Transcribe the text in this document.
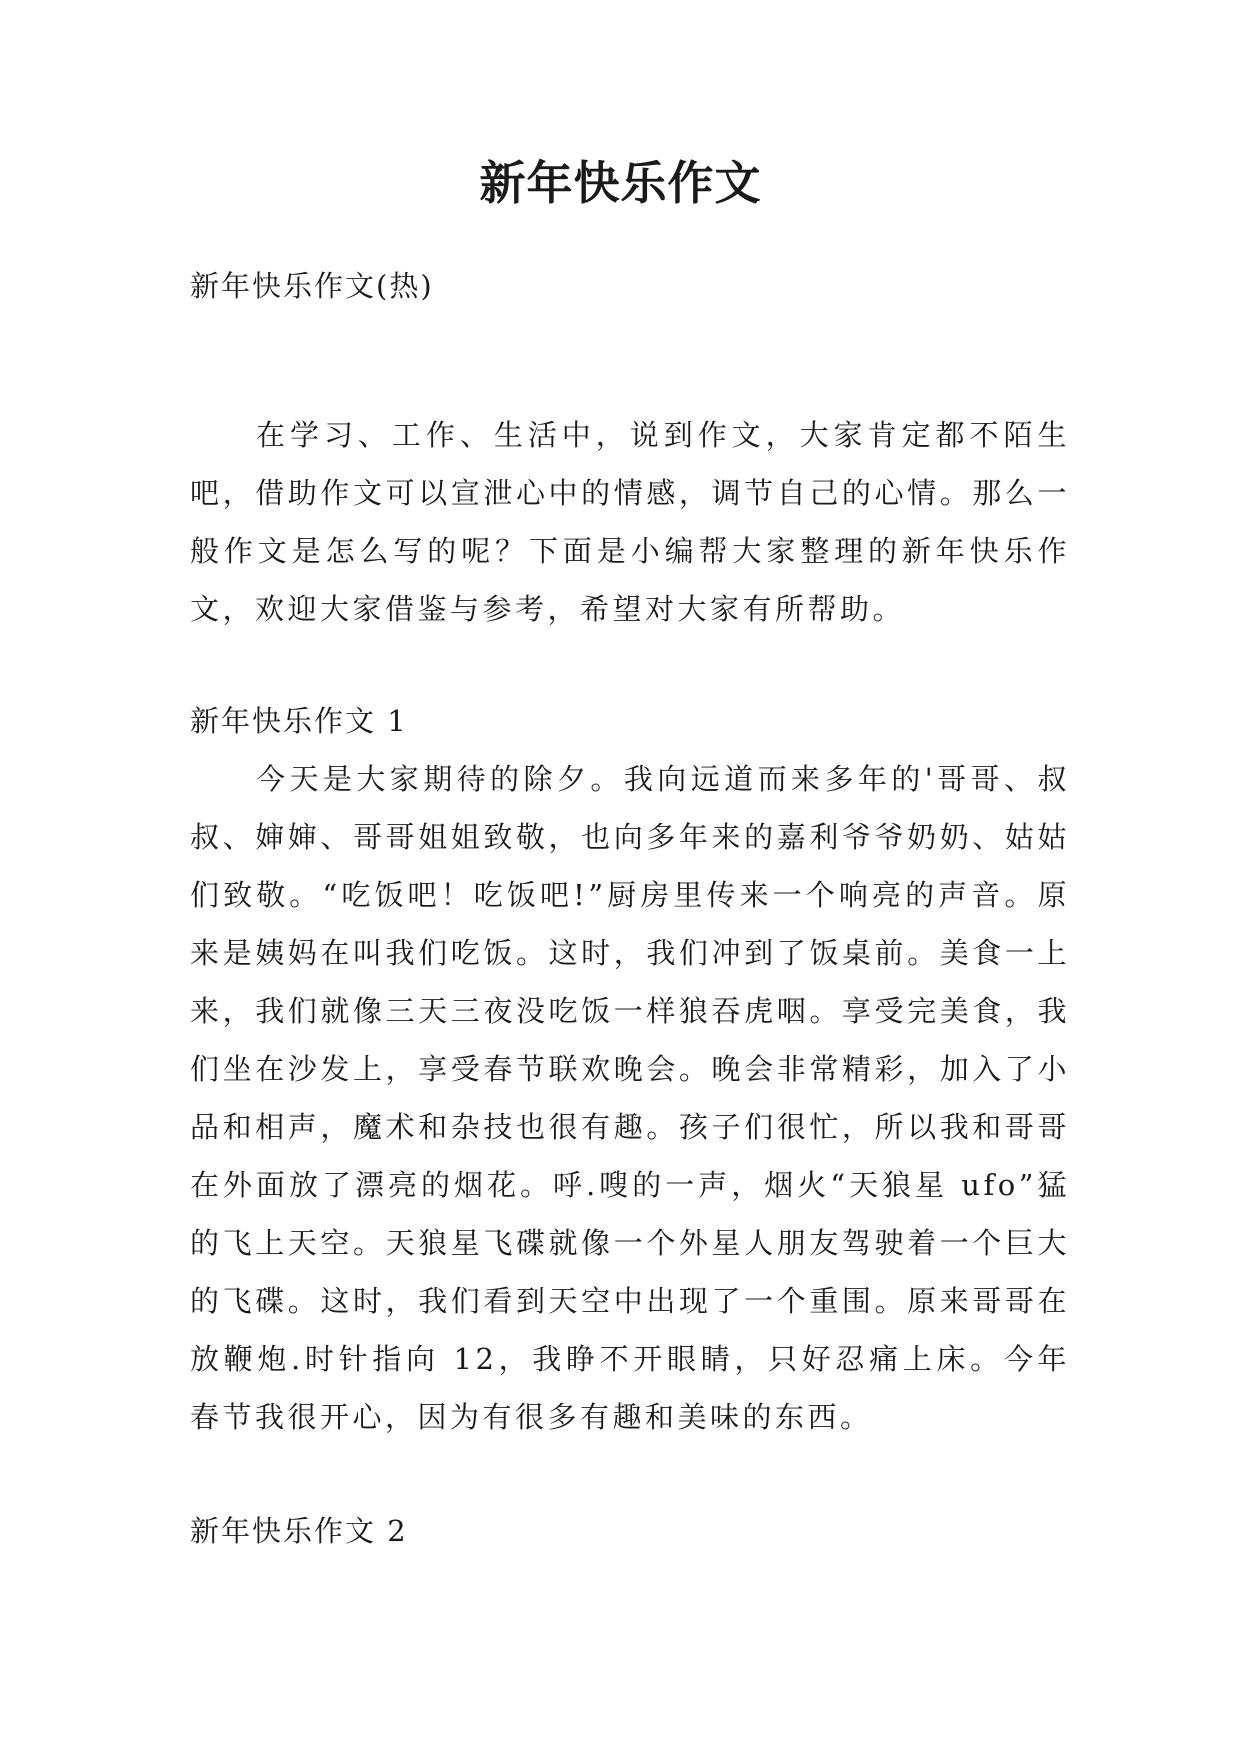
新年快乐作文

新年快乐作文(热)

在学习、工作、生活中，说到作文，大家肯定都不陌生吧，借助作文可以宣泄心中的情感，调节自己的心情。那么一般作文是怎么写的呢？下面是小编帮大家整理的新年快乐作文，欢迎大家借鉴与参考，希望对大家有所帮助。

新年快乐作文 1

今天是大家期待的除夕。我向远道而来多年的'哥哥、叔叔、婶婶、哥哥姐姐致敬，也向多年来的嘉利爷爷奶奶、姑姑们致敬。“吃饭吧！吃饭吧!”厨房里传来一个响亮的声音。原来是姨妈在叫我们吃饭。这时，我们冲到了饭桌前。美食一上来，我们就像三天三夜没吃饭一样狼吞虎咽。享受完美食，我们坐在沙发上，享受春节联欢晚会。晚会非常精彩，加入了小品和相声，魔术和杂技也很有趣。孩子们很忙，所以我和哥哥在外面放了漂亮的烟花。呼.嗖的一声，烟火“天狼星 ufo”猛的飞上天空。天狼星飞碟就像一个外星人朋友驾驶着一个巨大的飞碟。这时，我们看到天空中出现了一个重围。原来哥哥在放鞭炮.时针指向 12，我睁不开眼睛，只好忍痛上床。今年春节我很开心，因为有很多有趣和美味的东西。

新年快乐作文 2
